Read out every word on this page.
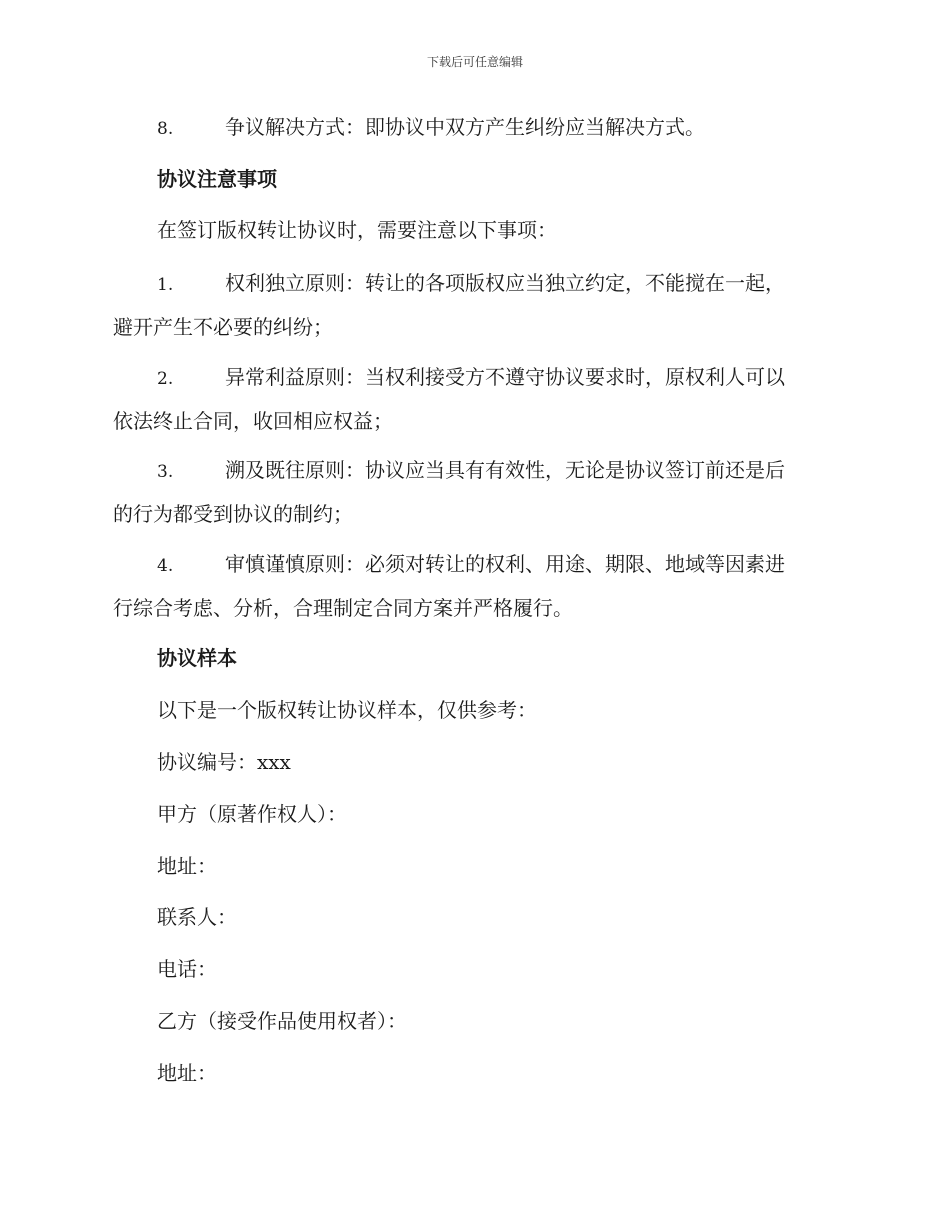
下载后可任意编辑
8.	争议解决方式：即协议中双方产生纠纷应当解决方式。
协议注意事项
在签订版权转让协议时，需要注意以下事项：
1.	权利独立原则：转让的各项版权应当独立约定，不能搅在一起，
避开产生不必要的纠纷；
2.	异常利益原则：当权利接受方不遵守协议要求时，原权利人可以
依法终止合同，收回相应权益；
3.	溯及既往原则：协议应当具有有效性，无论是协议签订前还是后
的行为都受到协议的制约；
4.	审慎谨慎原则：必须对转让的权利、用途、期限、地域等因素进
行综合考虑、分析，合理制定合同方案并严格履行。
协议样本
以下是一个版权转让协议样本，仅供参考：
协议编号：xxx
甲方（原著作权人）：
地址：
联系人：
电话：
乙方（接受作品使用权者）：
地址：
